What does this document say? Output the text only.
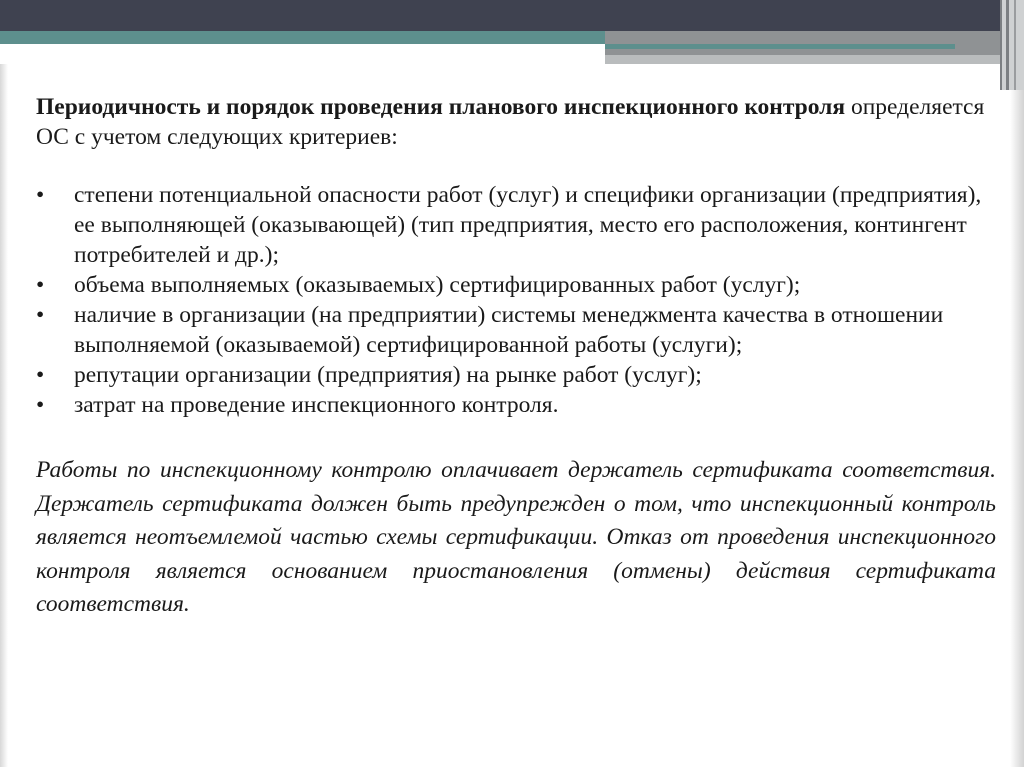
Периодичность и порядок проведения планового инспекционного контроля определяется ОС с учетом следующих критериев:

• степени потенциальной опасности работ (услуг) и специфики организации (предприятия), ее выполняющей (оказывающей) (тип предприятия, место его расположения, контингент потребителей и др.);
• объема выполняемых (оказываемых) сертифицированных работ (услуг);
• наличие в организации (на предприятии) системы менеджмента качества в отношении выполняемой (оказываемой) сертифицированной работы (услуги);
• репутации организации (предприятия) на рынке работ (услуг);
• затрат на проведение инспекционного контроля.

Работы по инспекционному контролю оплачивает держатель сертификата соответствия. Держатель сертификата должен быть предупрежден о том, что инспекционный контроль является неотъемлемой частью схемы сертификации. Отказ от проведения инспекционного контроля является основанием приостановления (отмены) действия сертификата соответствия.
